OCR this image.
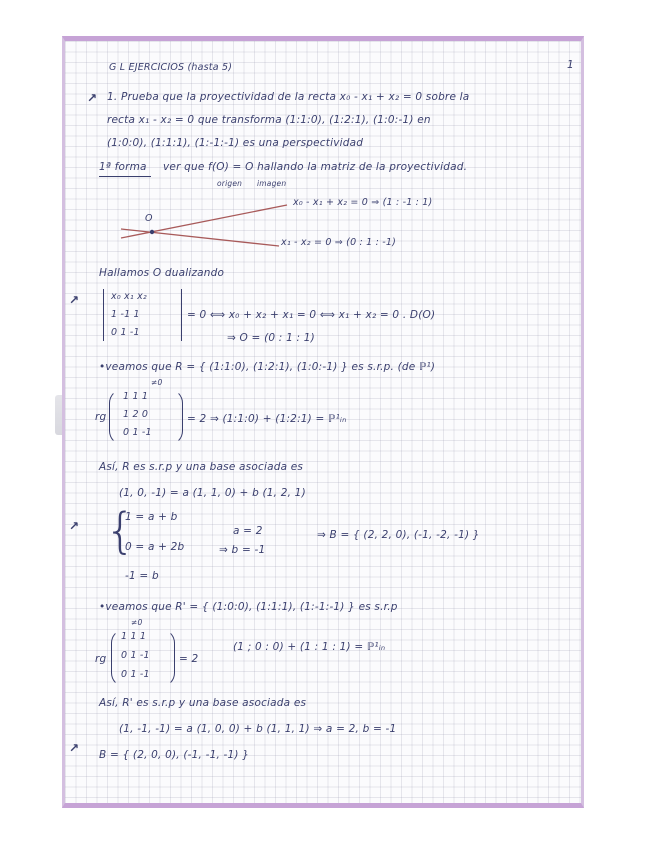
G L EJERCICIOS (hasta 5)	1
↗ 1. Prueba que la proyectividad de la recta x₀ - x₁ + x₂ = 0 sobre la
recta x₁ - x₂ = 0 que transforma (1:1:0), (1:2:1), (1:0:-1) en
(1:0:0), (1:1:1), (1:-1:-1) es una perspectividad
1ª forma ver que f(O) = O hallando la matriz de la proyectividad.
origen imagen
O
x₀ - x₁ + x₂ = 0 ⇒ (1 : -1 : 1)
x₁ - x₂ = 0 ⇒ (0 : 1 : -1)
Hallamos O dualizando
↗	x₀ x₁ x₂
1 -1 1
0 1 -1
= 0 ⟺ x₀ + x₂ + x₁ = 0 ⟺ x₁ + x₂ = 0 . D(O)
⇒ O = (0 : 1 : 1)
•veamos que R = { (1:1:0), (1:2:1), (1:0:-1) } es s.r.p. (de ℙ¹)
≠0
rg
1 1 1
1 2 0
0 1 -1
= 2 ⇒ (1:1:0) + (1:2:1) = ℙ¹ᵢₙ
Así, R es s.r.p y una base asociada es
(1, 0, -1) = a (1, 1, 0) + b (1, 2, 1)
↗ {
1 = a + b
0 = a + 2b
-1 = b
a = 2
⇒ b = -1
⇒ B = { (2, 2, 0), (-1, -2, -1) }
•veamos que R' = { (1:0:0), (1:1:1), (1:-1:-1) } es s.r.p
≠0
rg
1 1 1
0 1 -1
0 1 -1
= 2
(1 ; 0 : 0) + (1 : 1 : 1) = ℙ¹ᵢₙ
Así, R' es s.r.p y una base asociada es
(1, -1, -1) = a (1, 0, 0) + b (1, 1, 1) ⇒ a = 2, b = -1
↗ B = { (2, 0, 0), (-1, -1, -1) }
